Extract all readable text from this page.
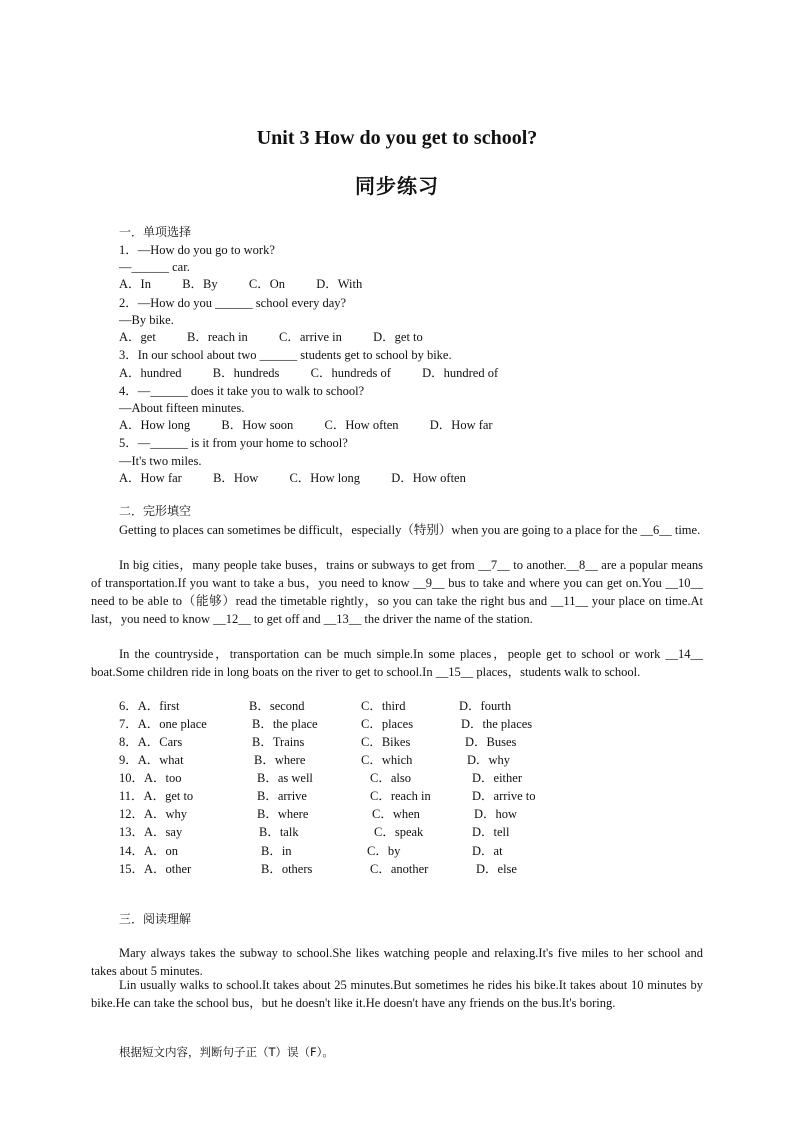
Unit 3 How do you get to school?
同步练习
一．单项选择
1．—How do you go to work?
—______ car.
A．In          B．By          C．On          D．With
2．—How do you ______ school every day?
—By bike.
A．get          B．reach in          C．arrive in          D．get to
3．In our school about two ______ students get to school by bike.
A．hundred          B．hundreds          C．hundreds of          D．hundred of
4．—______ does it take you to walk to school?
—About fifteen minutes.
A．How long          B．How soon          C．How often          D．How far
5．—______ is it from your home to school?
—It's two miles.
A．How far          B．How          C．How long          D．How often
二．完形填空
Getting to places can sometimes be difficult，especially（特别）when you are going to a place for the __6__ time.
In big cities，many people take buses，trains or subways to get from __7__ to another.__8__ are a popular means of transportation.If you want to take a bus，you need to know __9__ bus to take and where you can get on.You __10__ need to be able to（能够）read the timetable rightly，so you can take the right bus and __11__ your place on time.At last，you need to know __12__ to get off and __13__ the driver the name of the station.
In the countryside，transportation can be much simple.In some places，people get to school or work __14__ boat.Some children ride in long boats on the river to get to school.In __15__ places，students walk to school.
6．A．first	B．second	C．third	D．fourth
7．A．one place	B．the place	C．places	D．the places
8．A．Cars	B．Trains	C．Bikes	D．Buses
9．A．what	B．where	C．which	D．why
10．A．too	B．as well	C．also	D．either
11．A．get to	B．arrive	C．reach in	D．arrive to
12．A．why	B．where	C．when	D．how
13．A．say	B．talk	C．speak	D．tell
14．A．on	B．in	C．by	D．at
15．A．other	B．others	C．another	D．else
三．阅读理解
Mary always takes the subway to school.She likes watching people and relaxing.It's five miles to her school and takes about 5 minutes.
Lin usually walks to school.It takes about 25 minutes.But sometimes he rides his bike.It takes about 10 minutes by bike.He can take the school bus，but he doesn't like it.He doesn't have any friends on the bus.It's boring.
根据短文内容，判断句子正（T）误（F）。
